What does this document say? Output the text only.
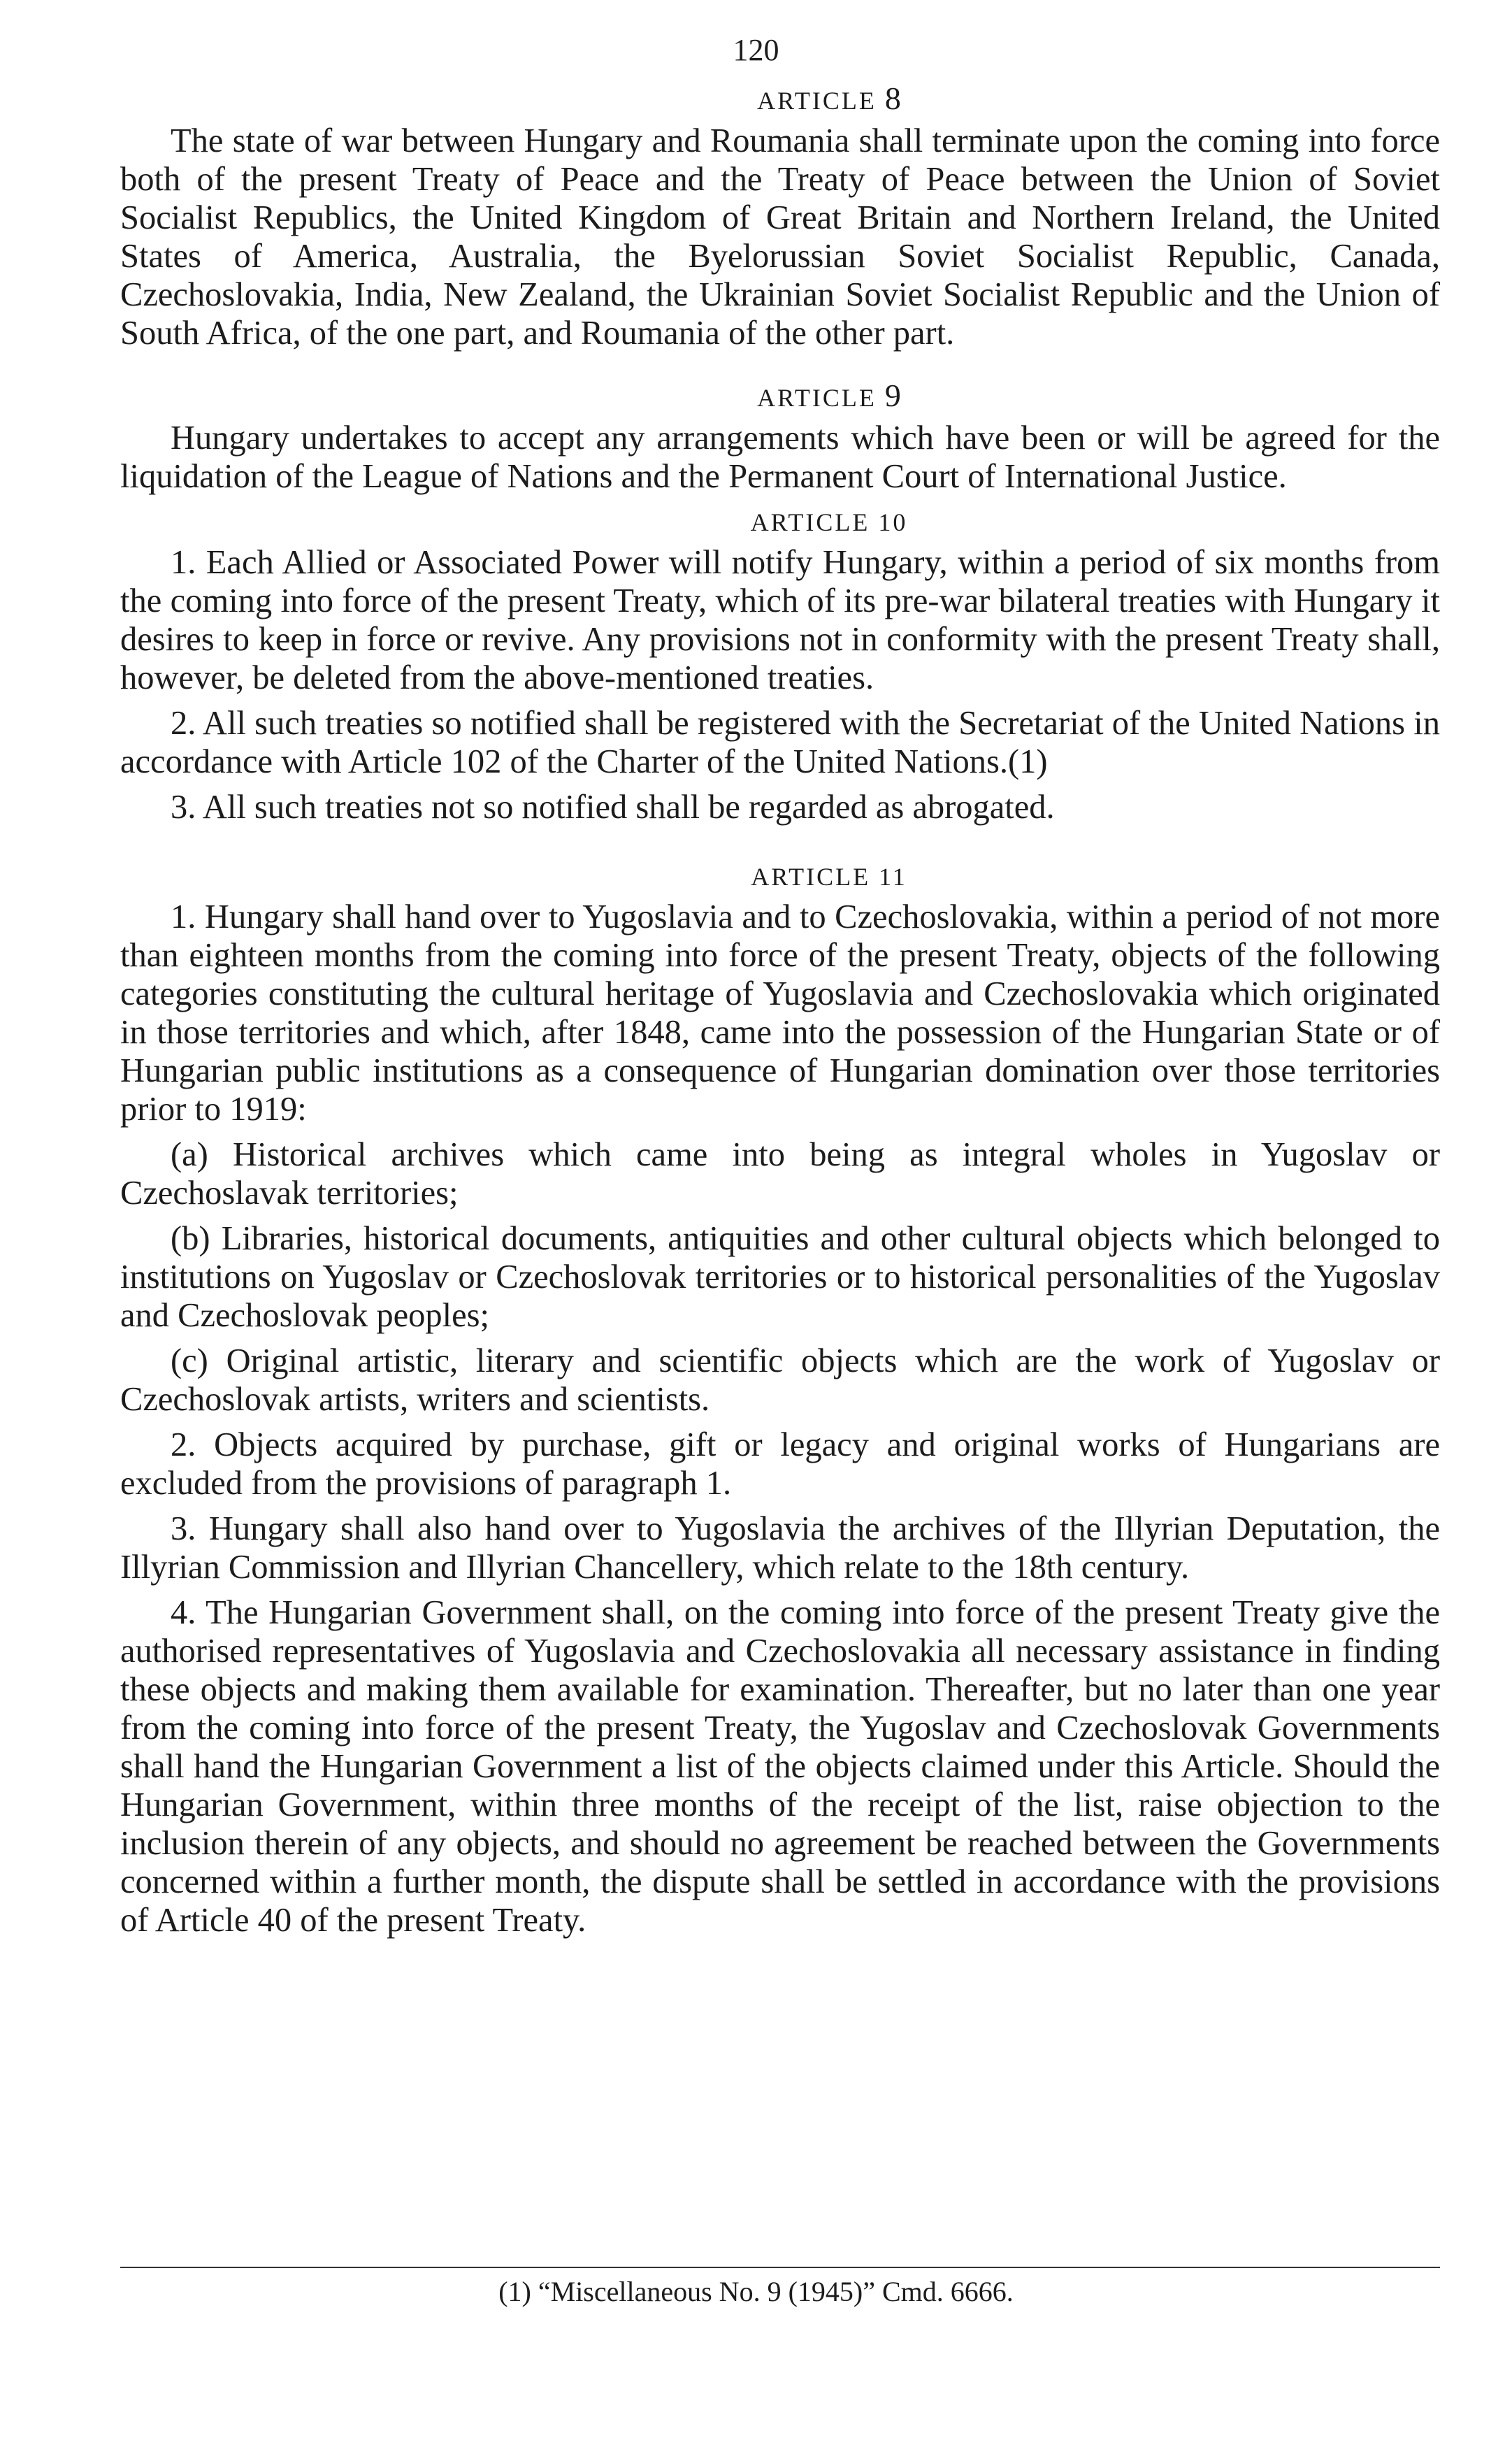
120
ARTICLE 8

The state of war between Hungary and Roumania shall terminate upon the coming into force both of the present Treaty of Peace and the Treaty of Peace between the Union of Soviet Socialist Republics, the United Kingdom of Great Britain and Northern Ireland, the United States of America, Australia, the Byelorussian Soviet Socialist Republic, Canada, Czechoslovakia, India, New Zealand, the Ukrainian Soviet Socialist Republic and the Union of South Africa, of the one part, and Roumania of the other part.

ARTICLE 9

Hungary undertakes to accept any arrangements which have been or will be agreed for the liquidation of the League of Nations and the Permanent Court of International Justice.

ARTICLE 10

1. Each Allied or Associated Power will notify Hungary, within a period of six months from the coming into force of the present Treaty, which of its pre-war bilateral treaties with Hungary it desires to keep in force or revive. Any provisions not in conformity with the present Treaty shall, however, be deleted from the above-mentioned treaties.

2. All such treaties so notified shall be registered with the Secretariat of the United Nations in accordance with Article 102 of the Charter of the United Nations.(1)

3. All such treaties not so notified shall be regarded as abrogated.

ARTICLE 11

1. Hungary shall hand over to Yugoslavia and to Czechoslovakia, within a period of not more than eighteen months from the coming into force of the present Treaty, objects of the following categories constituting the cultural heritage of Yugoslavia and Czechoslovakia which originated in those territories and which, after 1848, came into the possession of the Hungarian State or of Hungarian public institutions as a consequence of Hungarian domination over those territories prior to 1919:

(a) Historical archives which came into being as integral wholes in Yugoslav or Czechoslavak territories;

(b) Libraries, historical documents, antiquities and other cultural objects which belonged to institutions on Yugoslav or Czechoslovak territories or to historical personalities of the Yugoslav and Czechoslovak peoples;

(c) Original artistic, literary and scientific objects which are the work of Yugoslav or Czechoslovak artists, writers and scientists.

2. Objects acquired by purchase, gift or legacy and original works of Hungarians are excluded from the provisions of paragraph 1.

3. Hungary shall also hand over to Yugoslavia the archives of the Illyrian Deputation, the Illyrian Commission and Illyrian Chancellery, which relate to the 18th century.

4. The Hungarian Government shall, on the coming into force of the present Treaty give the authorised representatives of Yugoslavia and Czechoslovakia all necessary assistance in finding these objects and making them available for examination. Thereafter, but no later than one year from the coming into force of the present Treaty, the Yugoslav and Czechoslovak Governments shall hand the Hungarian Government a list of the objects claimed under this Article. Should the Hungarian Government, within three months of the receipt of the list, raise objection to the inclusion therein of any objects, and should no agreement be reached between the Governments concerned within a further month, the dispute shall be settled in accordance with the provisions of Article 40 of the present Treaty.

(1) “Miscellaneous No. 9 (1945)” Cmd. 6666.
